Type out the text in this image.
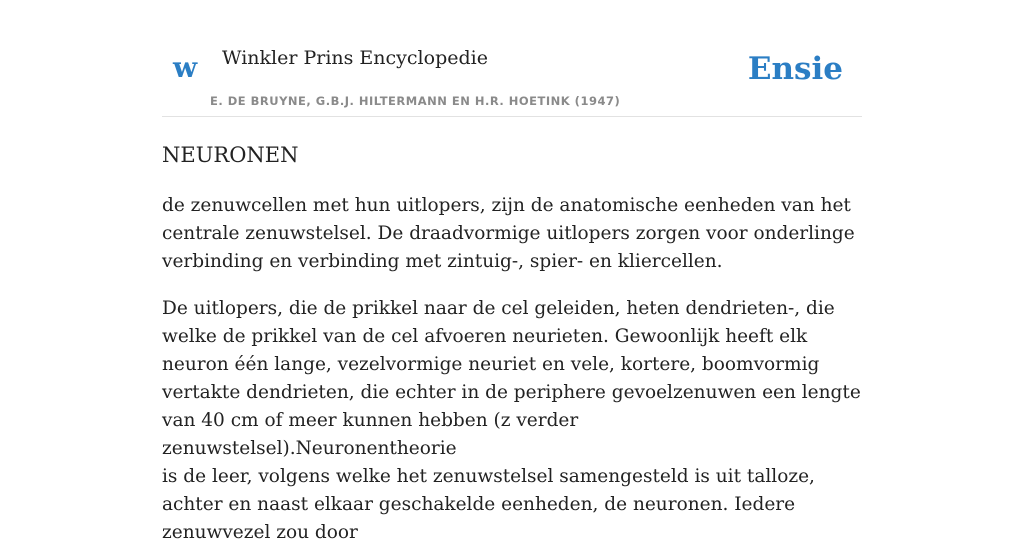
w Winkler Prins Encyclopedie
E. DE BRUYNE, G.B.J. HILTERMANN EN H.R. HOETINK (1947)
Ensie
NEURONEN

de zenuwcellen met hun uitlopers, zijn de anatomische eenheden van het centrale zenuwstelsel. De draadvormige uitlopers zorgen voor onderlinge verbinding en verbinding met zintuig-, spier- en kliercellen.

De uitlopers, die de prikkel naar de cel geleiden, heten dendrieten-, die welke de prikkel van de cel afvoeren neurieten. Gewoonlijk heeft elk neuron één lange, vezelvormige neuriet en vele, kortere, boomvormig vertakte dendrieten, die echter in de periphere gevoelzenuwen een lengte van 40 cm of meer kunnen hebben (z verder zenuwstelsel).Neuronentheorie

is de leer, volgens welke het zenuwstelsel samengesteld is uit talloze, achter en naast elkaar geschakelde eenheden, de neuronen. Iedere zenuwvezel zou door
